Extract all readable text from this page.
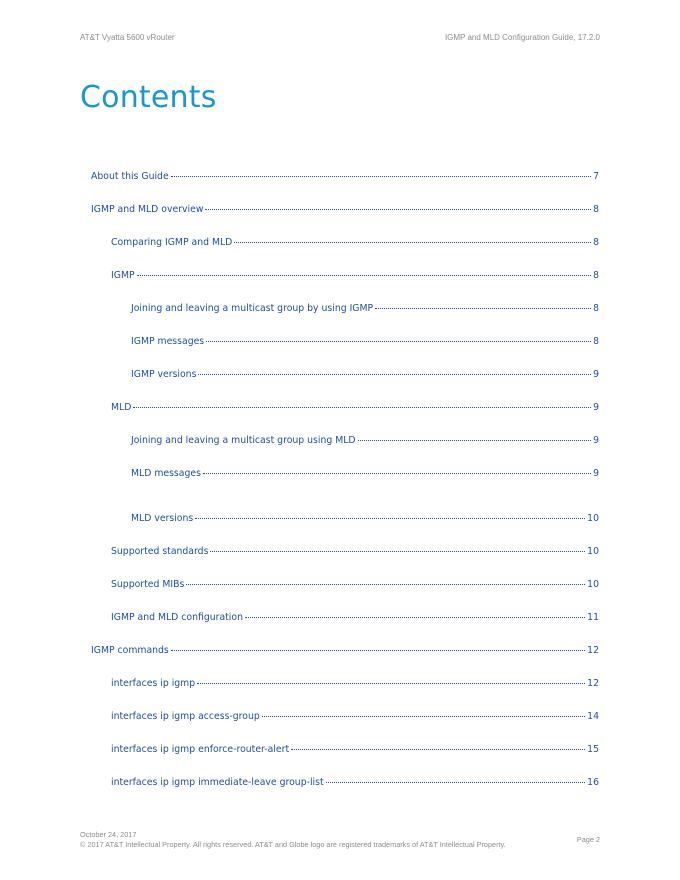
AT&T Vyatta 5600 vRouter	IGMP and MLD Configuration Guide, 17.2.0
Contents
About this Guide	7
IGMP and MLD overview	8
Comparing IGMP and MLD	8
IGMP	8
Joining and leaving a multicast group by using IGMP	8
IGMP messages	8
IGMP versions	9
MLD	9
Joining and leaving a multicast group using MLD	9
MLD messages	9
MLD versions	10
Supported standards	10
Supported MIBs	10
IGMP and MLD configuration	11
IGMP commands	12
interfaces ip igmp	12
interfaces ip igmp access-group	14
interfaces ip igmp enforce-router-alert	15
interfaces ip igmp immediate-leave group-list	16
October 24, 2017
© 2017 AT&T Intellectual Property. All rights reserved. AT&T and Globe logo are registered trademarks of AT&T Intellectual Property.
Page 2
